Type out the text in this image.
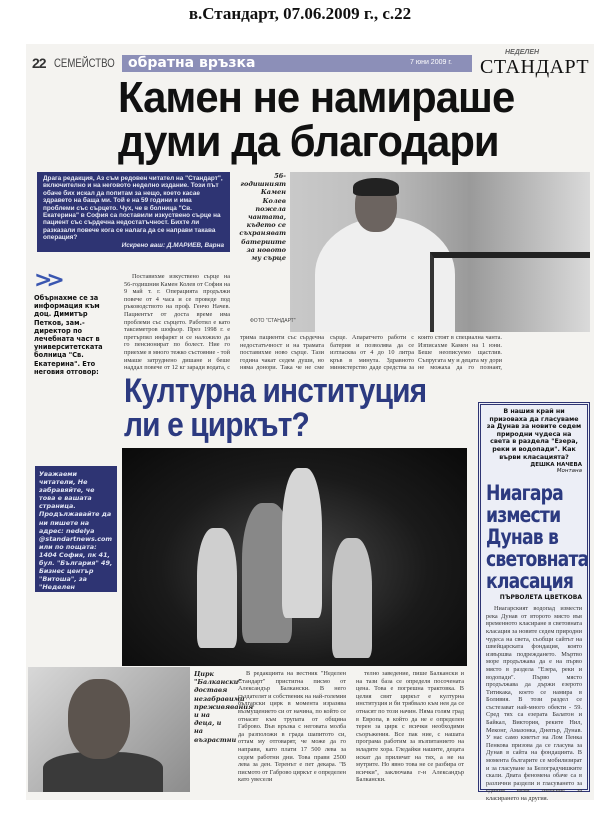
в.Стандарт, 07.06.2009 г., с.22
22 СЕМЕЙСТВО обратна връзка	7 юни 2009 г.
НЕДЕЛЕН
СТАНДАРТ
Камен не намираше
думи да благодари
Драга редакция, Аз съм редовен читател на "Стандарт", включително и на неговото неделно издание. Този път обаче бих искал да попитам за нещо, което касае здравето на баща ми. Той е на 59 години и има проблеми със сърцето. Чух, че в болница "Св. Екатерина" в София са поставили изкуствено сърце на пациент със сърдечна недостатъчност. Бихте ли разказали повече кога се налага да се направи такава операция?
Искрено ваш: Д.МАРИЕВ, Варна
56-годишният Камен Колев пожела чантата, където се съхраняват батериите за новото му сърце
ФОТО "СТАНДАРТ"
>>
Обърнахме се за информация към доц. Димитър Петков, зам.-директор по лечебната част в университетската болница "Св. Екатерина". Ето неговия отговор:
Поставихме изкуствено сърце на 56-годишния Камен Колев от София на 9 май т. г. Операцията продължи повече от 4 часа и се проведе под ръководството на проф. Генчо Начев. Пациентът от доста време има проблеми със сърцето. Работил е като таксиметров шофьор. През 1998 г. е претърпял инфаркт и се наложило да го пенсионират по болест. Ние го приехме в много тежко състояние - той имаше затруднено дишане и беше наддал повече от 12 кг заради водата, с
трима пациенти със сърдечна недостатъчност и на трамата поставихме ново сърце. Тази година чакат седем души, но нямa донори. Така че не сме
сърце. Апаратчето работи с батерия и позволява да се изтласква от 4 до 10 литра кръв в минута. Здравното министерство даде средства за
които стоят в специална чанта. Изписахме Камен на 1 юни. Беше неописуемо щастлив. Съпругата му и децата му дори не можаха да го познаят,
Културна институция
ли е циркът?
Уважаеми читатели, Не забравяйте, че това е вашата страница. Продължавайте да ни пишете на адрес: nedelya @standartnews.com или по пощата: 1404 София, пк 41, бул. "България" 49, Бизнес център "Витоша", за "Неделен
В нашия край ни призоваха да гласуваме за Дунав за новите седем природни чудеса на света в раздела "Езера, реки и водопади". Как върви класацията?
ДЕШКА НАЧЕВА
Монтана
Ниагара измести Дунав в световната класация
ПЪРВОЛЕТА ЦВЕТКОВА
Ниагарският водопад измести река Дунав от второто място във временното класиране в световната класация за новите седем природни чудеса на света, съобщи сайтът на швейцарската фондация, която извършва подреждането. Мъртво море продължава да е на първо място в раздела "Езера, реки и водопади". Първо място продължава да държи езерото Титикака, което се намира в Боливия. В този раздел се състезават най-много обекти - 59. Сред тях са езерата Балатон и Байкал, Виктория, реките Нил, Меконг, Амазонка, Днепър, Дунав. У нас само кметът на Лом Пенка Пенкова призова да се гласува за Дунав в сайта на фондацията. В момента българите се мобилизират и за гласуване за Белоградчишките скали. Двата феномена обаче са в различни раздели и гласуването за единия няма значение за класирането на другия.
Цирк "Балкански" доставя незабравими преживявания и на деца, и на възрастни
В редакцията на вестник "Неделен Стандарт" пристигна писмо от Александър Балкански. В него създателят и собственик на най-големия български цирк в момента изразява възмущението си от начина, по който се отнасят към трупата от община Габрово. Във връзка с неговата молба да разположи в града шапитото си, оттам му отговарят, че може да го направи, като плати 17 500 лева за седем работни дни. Това прави 2500 лева за ден. Теренът е пет декара. "В писмото от Габрово циркът е определен като увесели
телно заведение, пише Балкански и на тази база се определя посочената цена. Това е погрешна трактовка. В целия свят циркът е културна институция и би трябвало към нея да се отнасят по този начин. Няма голям град в Европа, в който да не е определен терен за цирк с всички необходими съоръжения. Все пак ние, с нашата програма работим за възпитанието на младите хора. Гледайки нашите, децата искат да приличат на тях, а не на мутрите. Но явно това не се разбира от всички", заключава г-н Александър Балкански.
